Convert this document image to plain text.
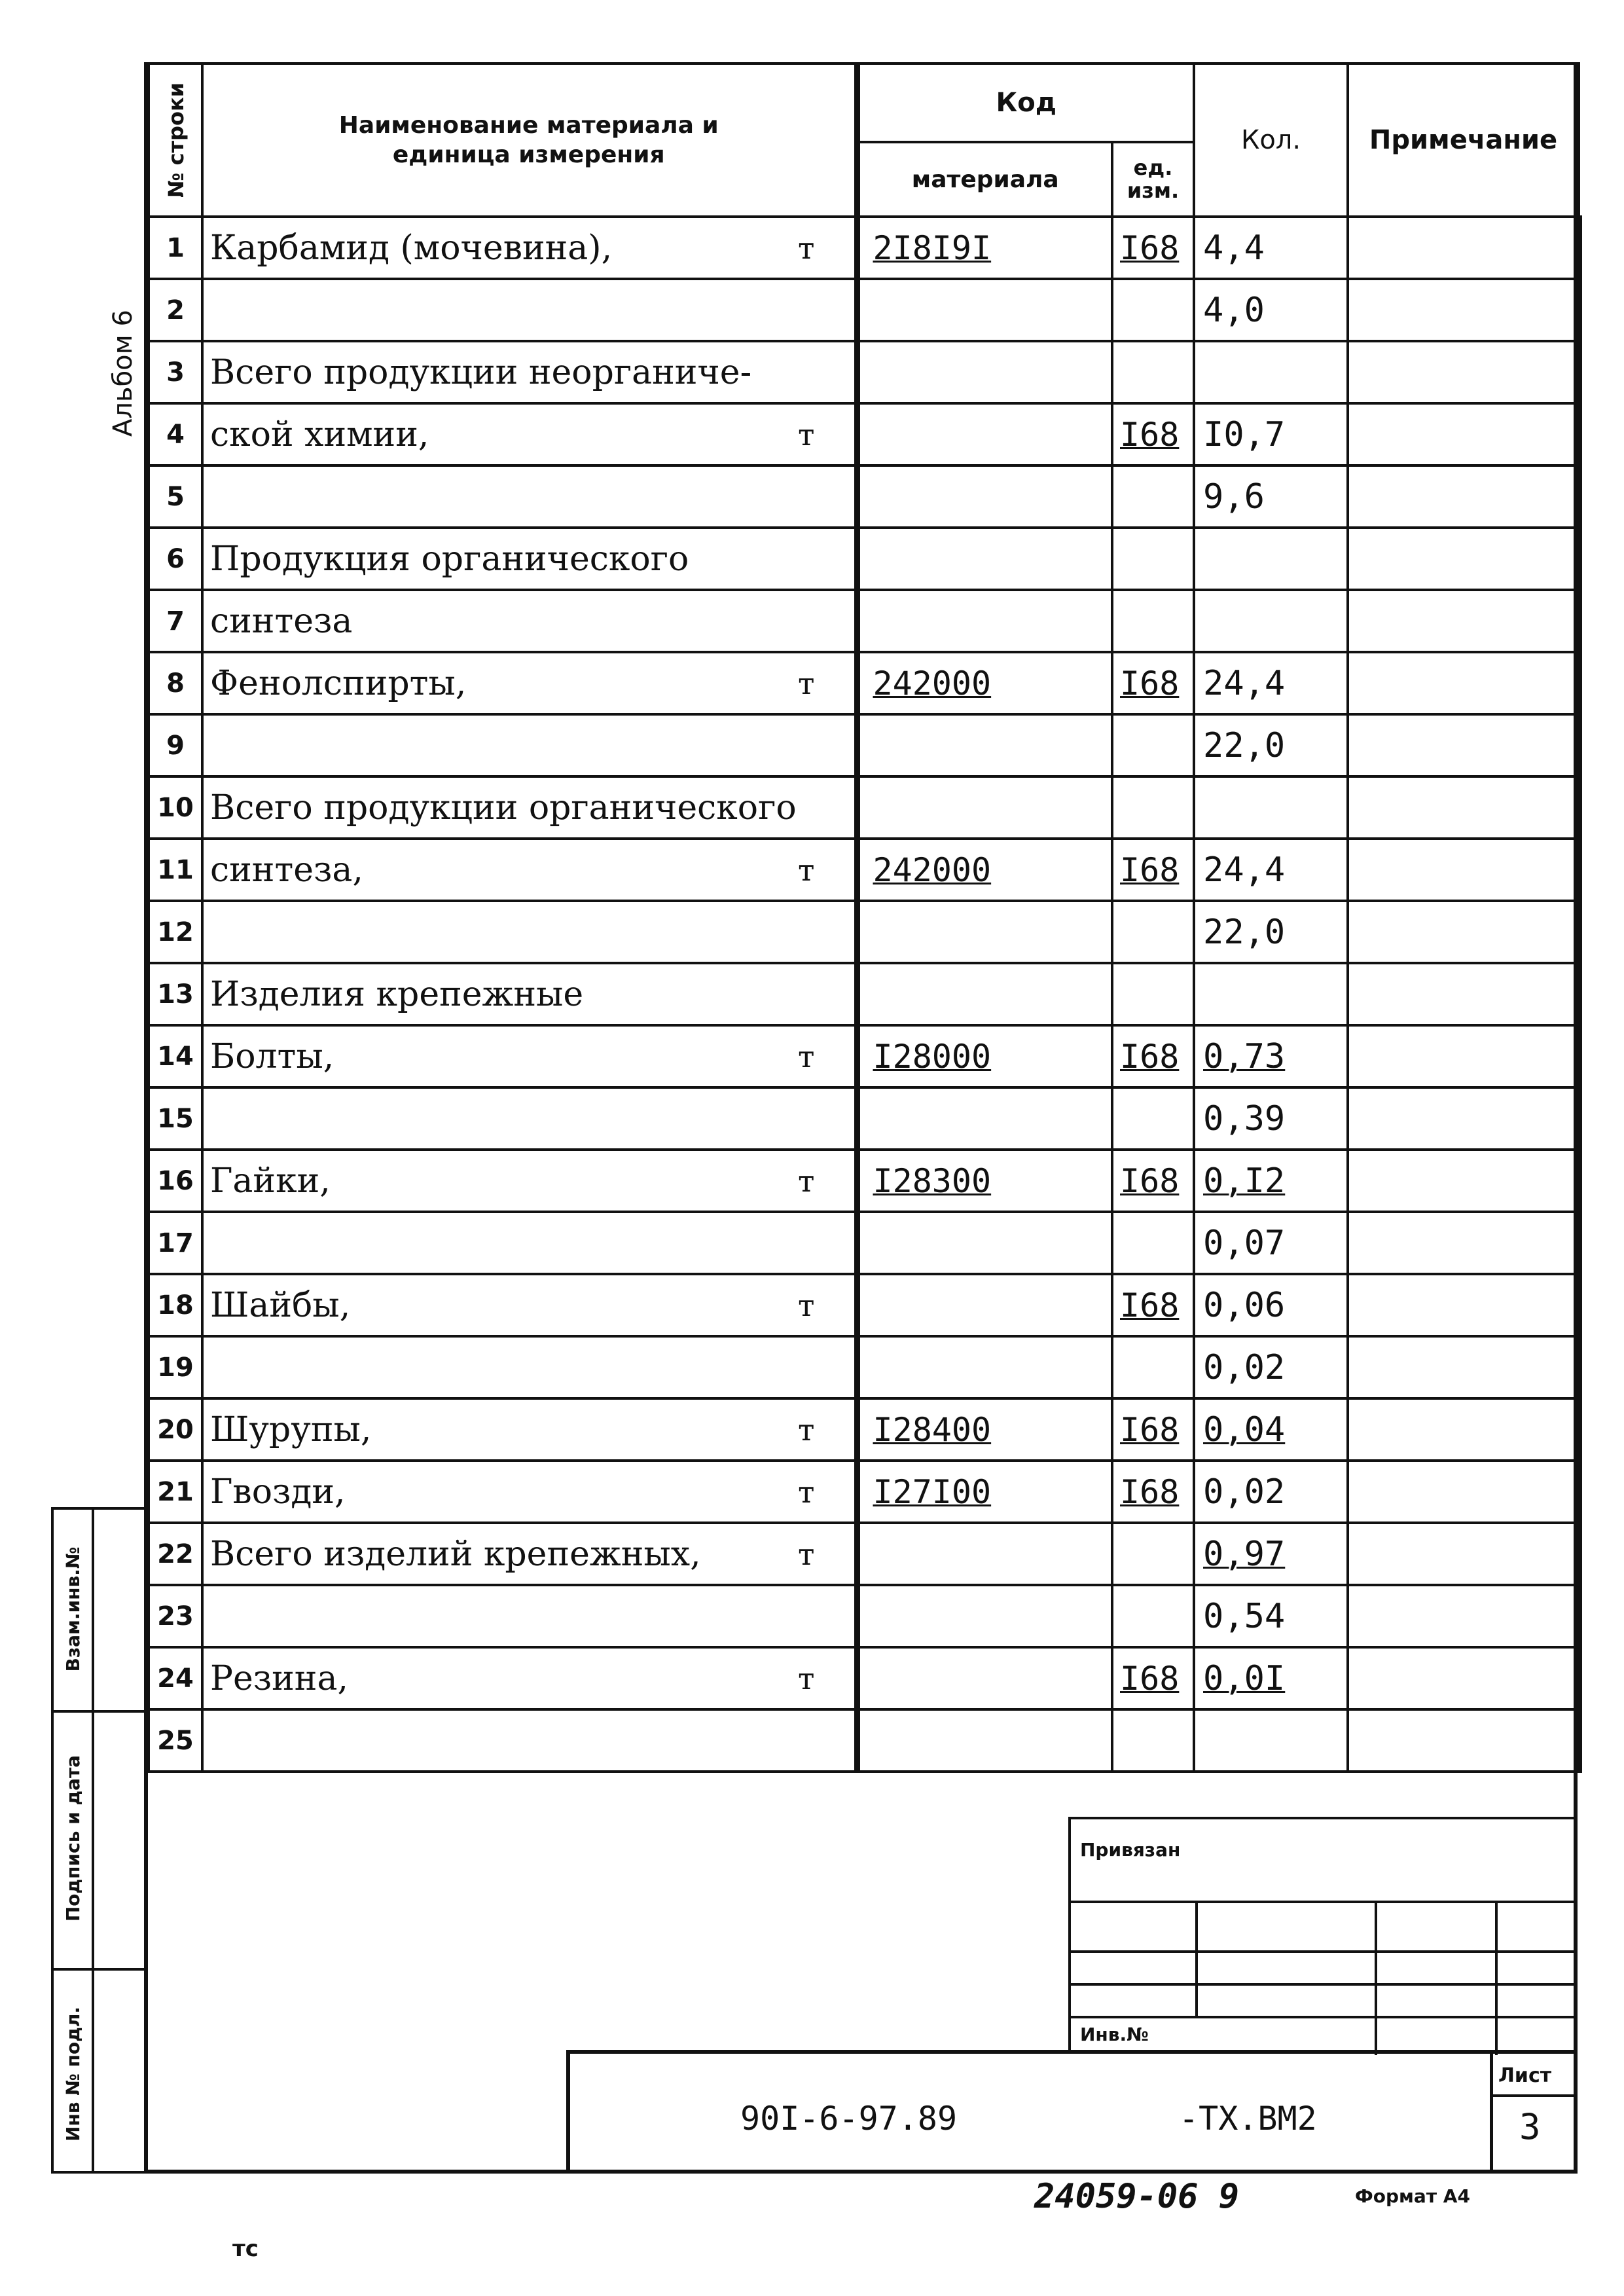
Альбом 6
№ строки	Наименование материала и единица измерения	Код		Кол.	Примечание
		материала	ед. изм.		
1	Карбамид (мочевина), т	2I8I9I	I68	4,4	
2				4,0	
3	Всего продукции неорганиче-				
4	ской химии, т		I68	I0,7	
5				9,6	
6	Продукция органического				
7	синтеза				
8	Фенолспирты, т	242000	I68	24,4	
9				22,0	
10	Всего продукции органического				
11	синтеза, т	242000	I68	24,4	
12				22,0	
13	Изделия крепежные				
14	Болты, т	I28000	I68	0,73	
15				0,39	
16	Гайки, т	I28300	I68	0,I2	
17				0,07	
18	Шайбы, т		I68	0,06	
19				0,02	
20	Шурупы, т	I28400	I68	0,04	
21	Гвозди, т	I27I00	I68	0,02	
22	Всего изделий крепежных, т			0,97	
23				0,54	
24	Резина, т		I68	0,0I	
25					
Взам.инв.№
Подпись и дата
Инв № подл.
Привязан
Инв.№
90I-6-97.89	-ТХ.ВМ2
Лист
3
24059-06 9	Формат А4
тс
